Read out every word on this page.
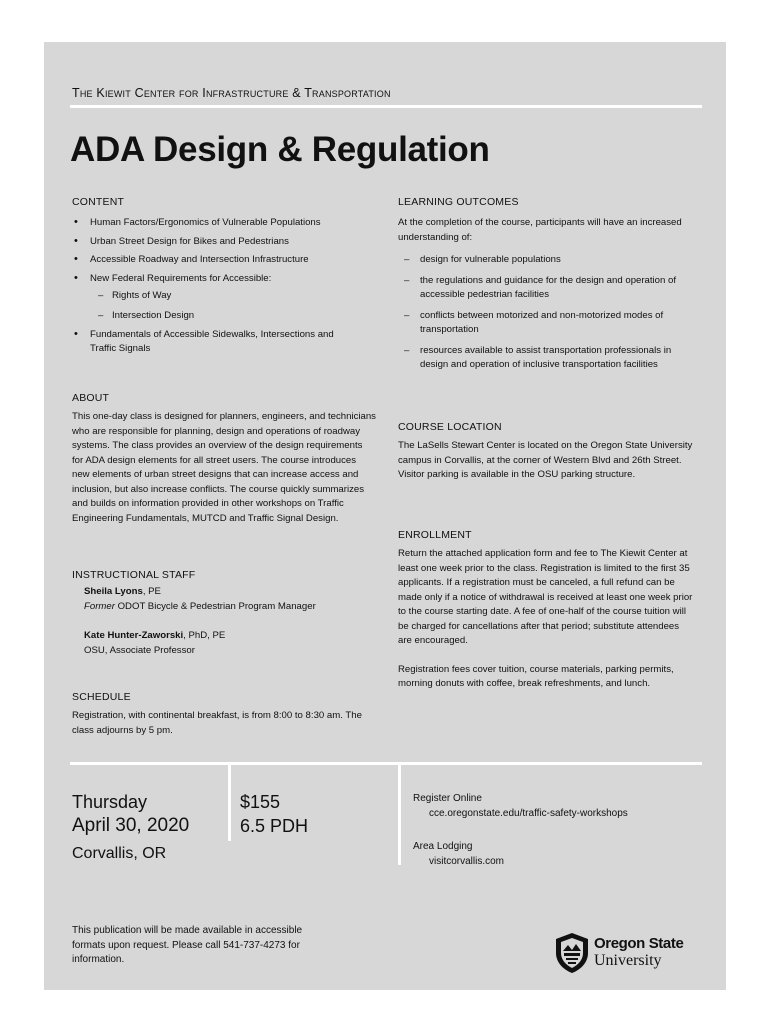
The Kiewit Center for Infrastructure & Transportation
ADA Design & Regulation
CONTENT
• Human Factors/Ergonomics of Vulnerable Populations
• Urban Street Design for Bikes and Pedestrians
• Accessible Roadway and Intersection Infrastructure
• New Federal Requirements for Accessible:
– Rights of Way
– Intersection Design
• Fundamentals of Accessible Sidewalks, Intersections and Traffic Signals
LEARNING OUTCOMES
At the completion of the course, participants will have an increased understanding of:
– design for vulnerable populations
– the regulations and guidance for the design and operation of accessible pedestrian facilities
– conflicts between motorized and non-motorized modes of transportation
– resources available to assist transportation professionals in design and operation of inclusive transportation facilities
ABOUT
This one-day class is designed for planners, engineers, and technicians who are responsible for planning, design and operations of roadway systems. The class provides an overview of the design requirements for ADA design elements for all street users. The course introduces new elements of urban street designs that can increase access and inclusion, but also increase conflicts. The course quickly summarizes and builds on information provided in other workshops on Traffic Engineering Fundamentals, MUTCD and Traffic Signal Design.
COURSE LOCATION
The LaSells Stewart Center is located on the Oregon State University campus in Corvallis, at the corner of Western Blvd and 26th Street. Visitor parking is available in the OSU parking structure.
ENROLLMENT
Return the attached application form and fee to The Kiewit Center at least one week prior to the class. Registration is limited to the first 35 applicants. If a registration must be canceled, a full refund can be made only if a notice of withdrawal is received at least one week prior to the course starting date. A fee of one-half of the course tuition will be charged for cancellations after that period; substitute attendees are encouraged.
Registration fees cover tuition, course materials, parking permits, morning donuts with coffee, break refreshments, and lunch.
INSTRUCTIONAL STAFF
Sheila Lyons, PE
Former ODOT Bicycle & Pedestrian Program Manager
Kate Hunter-Zaworski, PhD, PE
OSU, Associate Professor
SCHEDULE
Registration, with continental breakfast, is from 8:00 to 8:30 am. The class adjourns by 5 pm.
Thursday
April 30, 2020
Corvallis, OR
$155
6.5 PDH
Register Online
cce.oregonstate.edu/traffic-safety-workshops
Area Lodging
visitcorvallis.com
This publication will be made available in accessible formats upon request. Please call 541-737-4273 for information.
Oregon State
University
